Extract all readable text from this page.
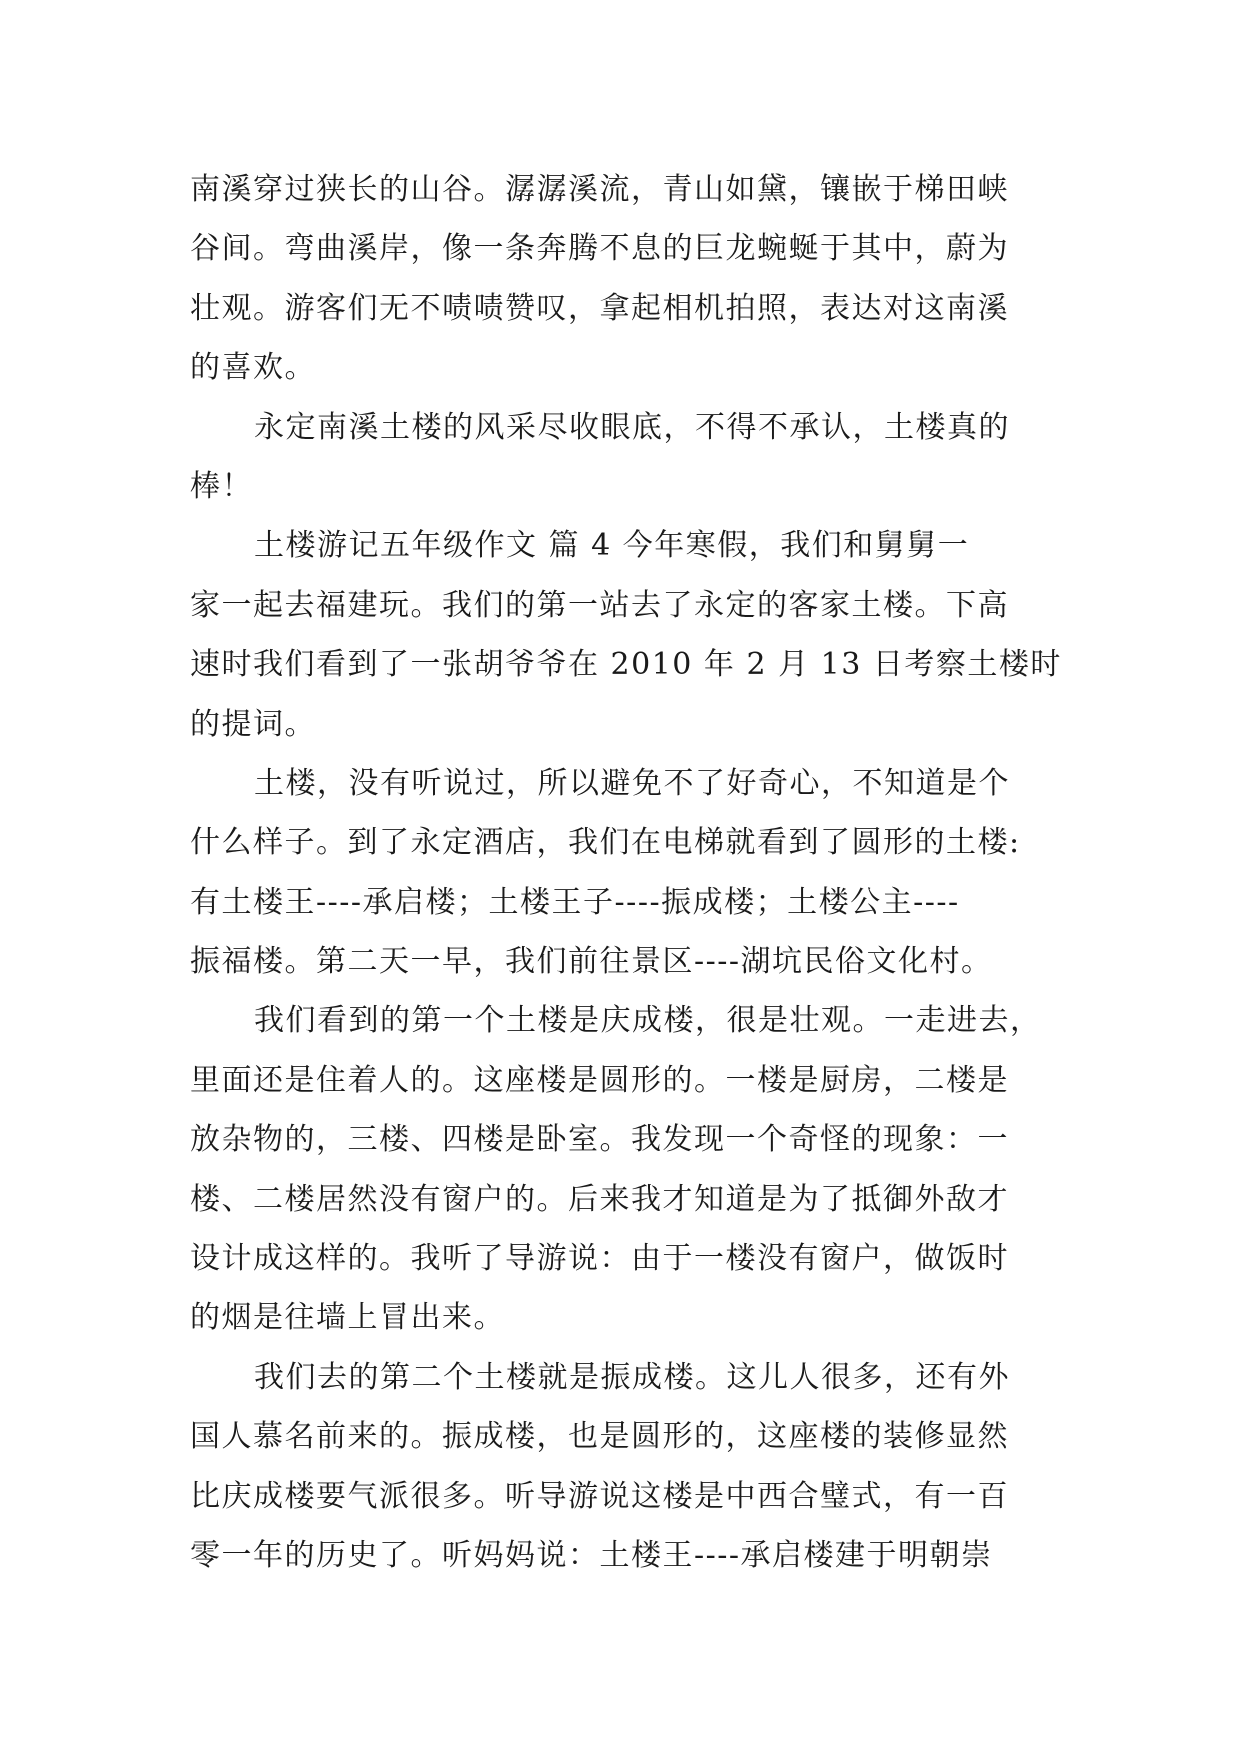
南溪穿过狭长的山谷。潺潺溪流，青山如黛，镶嵌于梯田峡
谷间。弯曲溪岸，像一条奔腾不息的巨龙蜿蜒于其中，蔚为
壮观。游客们无不啧啧赞叹，拿起相机拍照，表达对这南溪
的喜欢。
永定南溪土楼的风采尽收眼底，不得不承认，土楼真的
棒！
土楼游记五年级作文 篇 4 今年寒假，我们和舅舅一
家一起去福建玩。我们的第一站去了永定的客家土楼。下高
速时我们看到了一张胡爷爷在 2010 年 2 月 13 日考察土楼时
的提词。
土楼，没有听说过，所以避免不了好奇心，不知道是个
什么样子。到了永定酒店，我们在电梯就看到了圆形的土楼:
有土楼王----承启楼；土楼王子----振成楼；土楼公主----
振福楼。第二天一早，我们前往景区----湖坑民俗文化村。
我们看到的第一个土楼是庆成楼，很是壮观。一走进去，
里面还是住着人的。这座楼是圆形的。一楼是厨房，二楼是
放杂物的，三楼、四楼是卧室。我发现一个奇怪的现象：一
楼、二楼居然没有窗户的。后来我才知道是为了抵御外敌才
设计成这样的。我听了导游说：由于一楼没有窗户，做饭时
的烟是往墙上冒出来。
我们去的第二个土楼就是振成楼。这儿人很多，还有外
国人慕名前来的。振成楼，也是圆形的，这座楼的装修显然
比庆成楼要气派很多。听导游说这楼是中西合璧式，有一百
零一年的历史了。听妈妈说：土楼王----承启楼建于明朝崇
